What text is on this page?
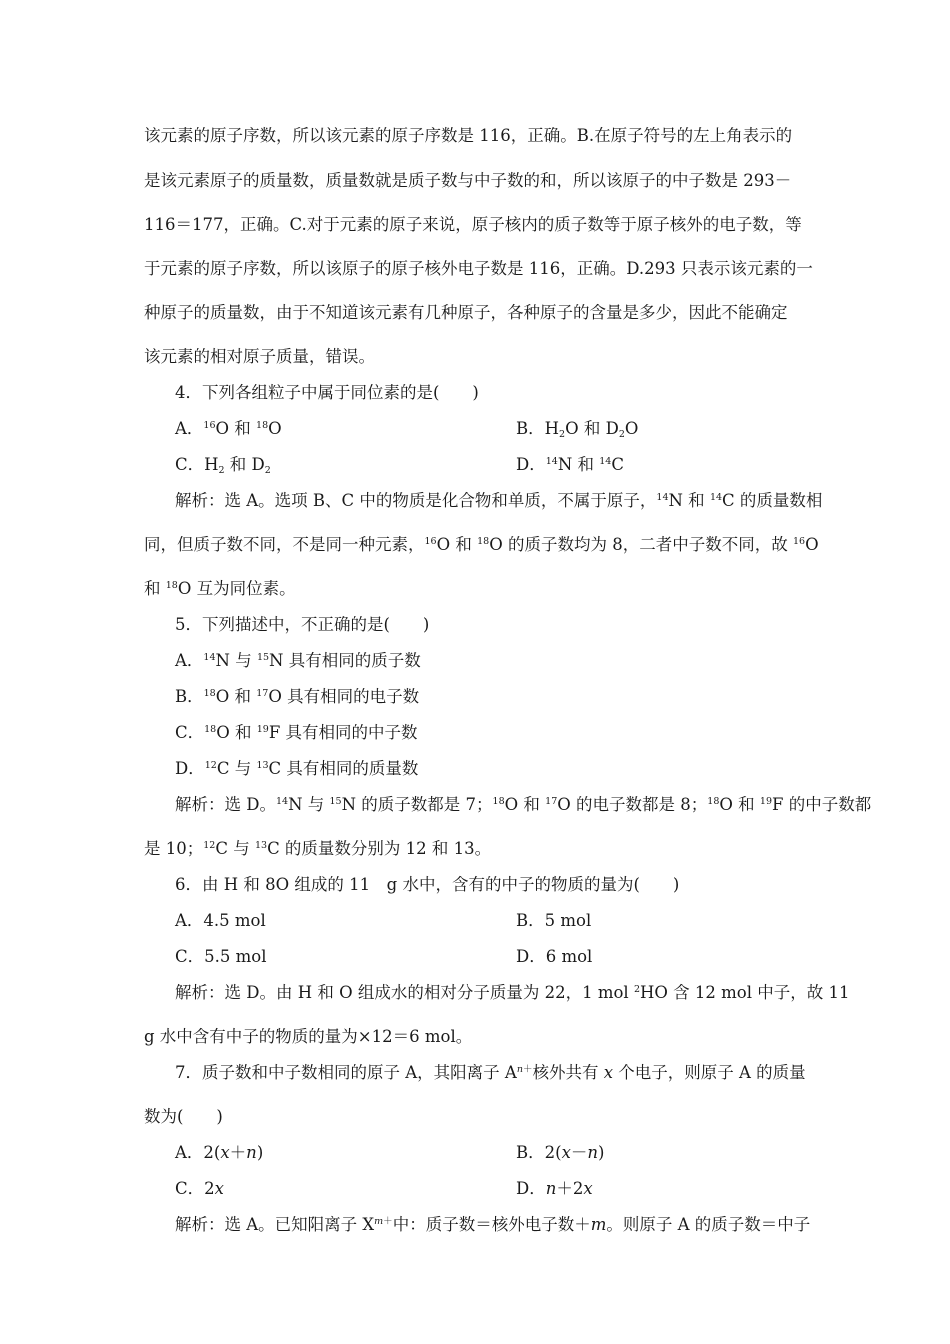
该元素的原子序数，所以该元素的原子序数是 116，正确。B.在原子符号的左上角表示的
是该元素原子的质量数，质量数就是质子数与中子数的和，所以该原子的中子数是 293－
116＝177，正确。C.对于元素的原子来说，原子核内的质子数等于原子核外的电子数，等
于元素的原子序数，所以该原子的原子核外电子数是 116，正确。D.293 只表示该元素的一
种原子的质量数，由于不知道该元素有几种原子，各种原子的含量是多少，因此不能确定
该元素的相对原子质量，错误。
4．下列各组粒子中属于同位素的是(　　)
A．$^{16}$O 和 $^{18}$O	B．$H_2O$ 和 $D_2O$
C．$H_2$ 和 $D_2$	D．$^{14}$N 和 $^{14}$C
解析：选 A。选项 B、C 中的物质是化合物和单质，不属于原子，$^{14}$N 和 $^{14}$C 的质量数相
同，但质子数不同，不是同一种元素，$^{16}$O 和 $^{18}$O 的质子数均为 8，二者中子数不同，故 $^{16}$O
和 $^{18}$O 互为同位素。
5．下列描述中，不正确的是(　　)
A．$^{14}$N 与 $^{15}$N 具有相同的质子数
B．$^{18}$O 和 $^{17}$O 具有相同的电子数
C．$^{18}$O 和 $^{19}$F 具有相同的中子数
D．$^{12}$C 与 $^{13}$C 具有相同的质量数
解析：选 D。$^{14}$N 与 $^{15}$N 的质子数都是 7；$^{18}$O 和 $^{17}$O 的电子数都是 8；$^{18}$O 和 $^{19}$F 的中子数都
是 10；$^{12}$C 与 $^{13}$C 的质量数分别为 12 和 13。
6．由 H 和 8O 组成的 11　g 水中，含有的中子的物质的量为(　　)
A．4.5 mol	B．5 mol
C．5.5 mol	D．6 mol
解析：选 D。由 H 和 O 组成水的相对分子质量为 22，1 mol $^2$HO 含 12 mol 中子，故 11
g 水中含有中子的物质的量为×12＝6 mol。
7．质子数和中子数相同的原子 A，其阳离子 $A^{n+}$核外共有 x 个电子，则原子 A 的质量
数为(　　)
A．2(x＋n)	B．2(x－n)
C．2x	D．n＋2x
解析：选 A。已知阳离子 $X^{m+}$中：质子数＝核外电子数＋m。则原子 A 的质子数＝中子
